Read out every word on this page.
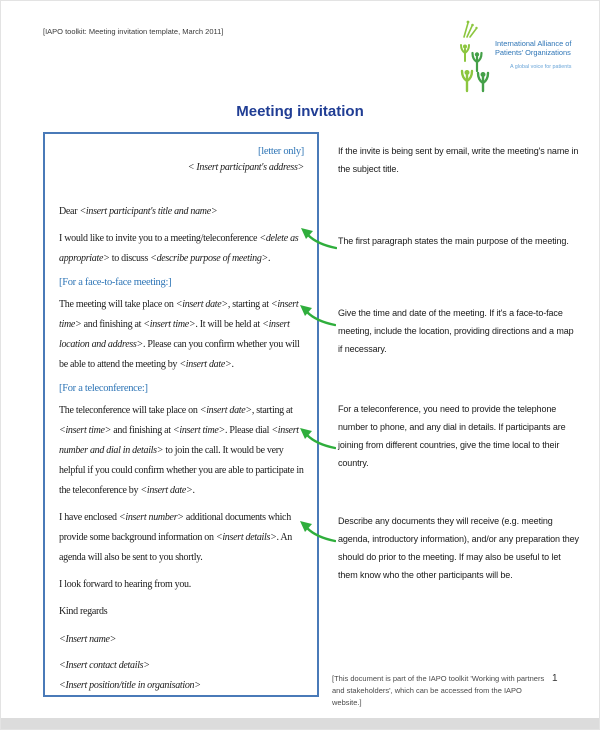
[IAPO toolkit: Meeting invitation template, March 2011]
International Alliance of
Patients' Organizations
A global voice for patients
Meeting invitation
[letter only]
< Insert participant's address>

Dear <insert participant's title and name>

I would like to invite you to a meeting/teleconference <delete as appropriate> to discuss <describe purpose of meeting>.

[For a face-to-face meeting:]

The meeting will take place on <insert date>, starting at <insert time> and finishing at <insert time>. It will be held at <insert location and address>. Please can you confirm whether you will be able to attend the meeting by <insert date>.

[For a teleconference:]

The teleconference will take place on <insert date>, starting at <insert time> and finishing at <insert time>. Please dial <insert number and dial in details> to join the call. It would be very helpful if you could confirm whether you are able to participate in the teleconference by <insert date>.

I have enclosed <insert number> additional documents which provide some background information on <insert details>. An agenda will also be sent to you shortly.

I look forward to hearing from you.

Kind regards

<Insert name>

<Insert contact details>

<Insert position/title in organisation>

If the invite is being sent by email, write the meeting's name in the subject title.
The first paragraph states the main purpose of the meeting.
Give the time and date of the meeting. If it's a face-to-face meeting, include the location, providing directions and a map if necessary.
For a teleconference, you need to provide the telephone number to phone, and any dial in details. If participants are joining from different countries, give the time local to their country.
Describe any documents they will receive (e.g. meeting agenda, introductory information), and/or any preparation they should do prior to the meeting. If may also be useful to let them know who the other participants will be.
[This document is part of the IAPO toolkit 'Working with partners and stakeholders', which can be accessed from the IAPO website.]
1
